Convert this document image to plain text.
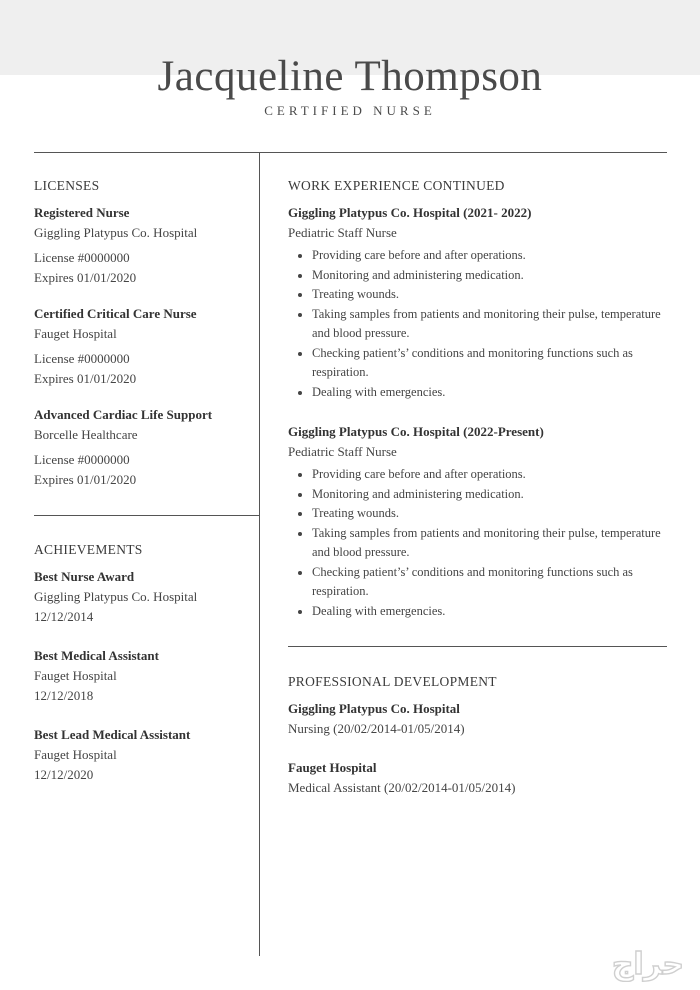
Jacqueline Thompson
CERTIFIED NURSE
LICENSES
Registered Nurse
Giggling Platypus Co. Hospital
License #0000000
Expires 01/01/2020
Certified Critical Care Nurse
Fauget Hospital
License #0000000
Expires 01/01/2020
Advanced Cardiac Life Support
Borcelle Healthcare
License #0000000
Expires 01/01/2020
ACHIEVEMENTS
Best Nurse Award
Giggling Platypus Co. Hospital
12/12/2014
Best Medical Assistant
Fauget Hospital
12/12/2018
Best Lead Medical Assistant
Fauget Hospital
12/12/2020
WORK EXPERIENCE CONTINUED
Giggling Platypus Co. Hospital (2021- 2022)
Pediatric Staff Nurse
• Providing care before and after operations.
• Monitoring and administering medication.
• Treating wounds.
• Taking samples from patients and monitoring their pulse, temperature and blood pressure.
• Checking patient’s’ conditions and monitoring functions such as respiration.
• Dealing with emergencies.
Giggling Platypus Co. Hospital (2022-Present)
Pediatric Staff Nurse
• Providing care before and after operations.
• Monitoring and administering medication.
• Treating wounds.
• Taking samples from patients and monitoring their pulse, temperature and blood pressure.
• Checking patient’s’ conditions and monitoring functions such as respiration.
• Dealing with emergencies.
PROFESSIONAL DEVELOPMENT
Giggling Platypus Co. Hospital
Nursing (20/02/2014-01/05/2014)
Fauget Hospital
Medical Assistant (20/02/2014-01/05/2014)
حراج
